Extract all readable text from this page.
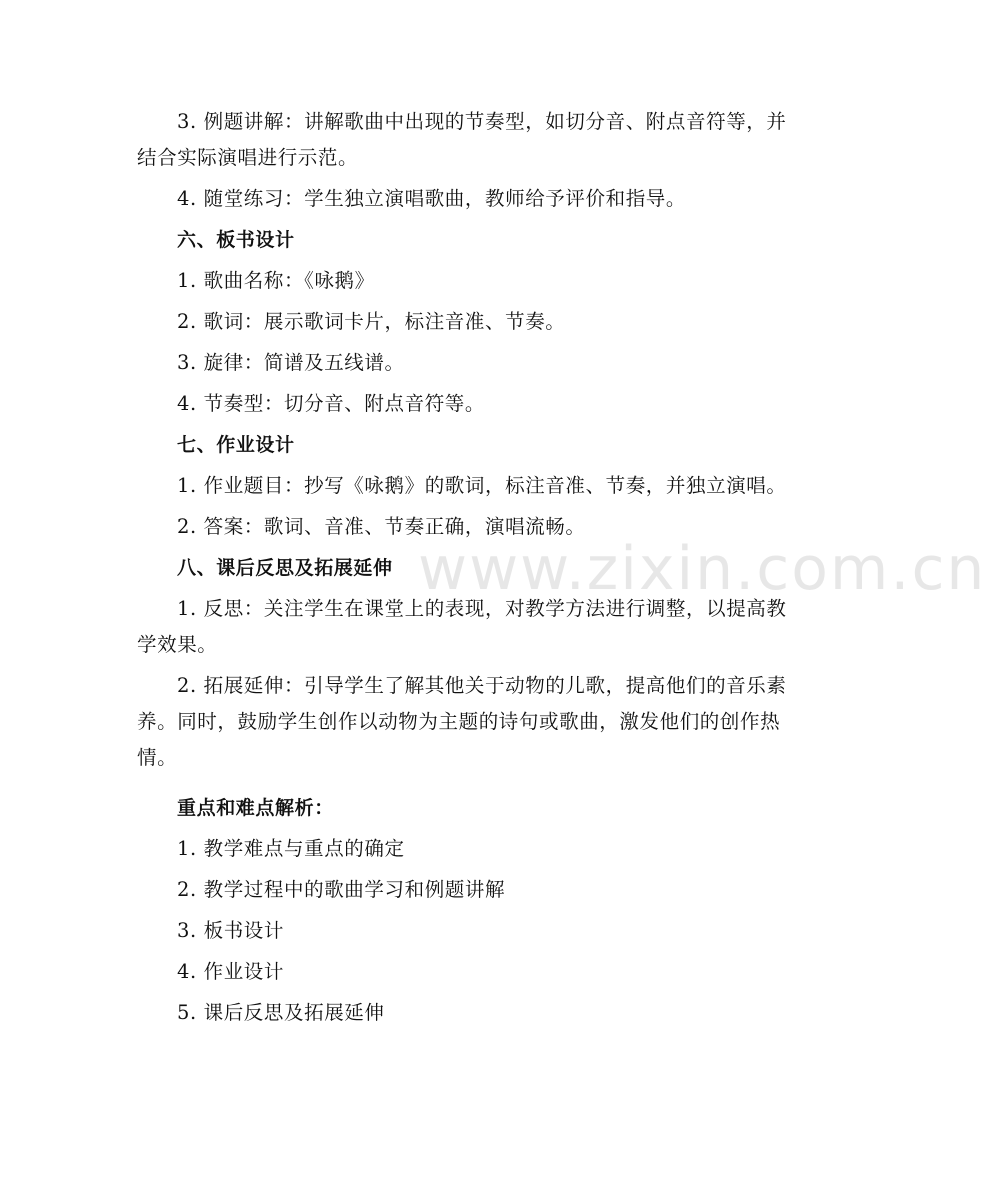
3. 例题讲解：讲解歌曲中出现的节奏型，如切分音、附点音符等，并结合实际演唱进行示范。

4. 随堂练习：学生独立演唱歌曲，教师给予评价和指导。

六、板书设计

1. 歌曲名称：《咏鹅》

2. 歌词：展示歌词卡片，标注音准、节奏。

3. 旋律：简谱及五线谱。

4. 节奏型：切分音、附点音符等。

七、作业设计

1. 作业题目：抄写《咏鹅》的歌词，标注音准、节奏，并独立演唱。

2. 答案：歌词、音准、节奏正确，演唱流畅。

八、课后反思及拓展延伸

1. 反思：关注学生在课堂上的表现，对教学方法进行调整，以提高教学效果。

2. 拓展延伸：引导学生了解其他关于动物的儿歌，提高他们的音乐素养。同时，鼓励学生创作以动物为主题的诗句或歌曲，激发他们的创作热情。

重点和难点解析：

1. 教学难点与重点的确定

2. 教学过程中的歌曲学习和例题讲解

3. 板书设计

4. 作业设计

5. 课后反思及拓展延伸

www.zixin.com.cn
